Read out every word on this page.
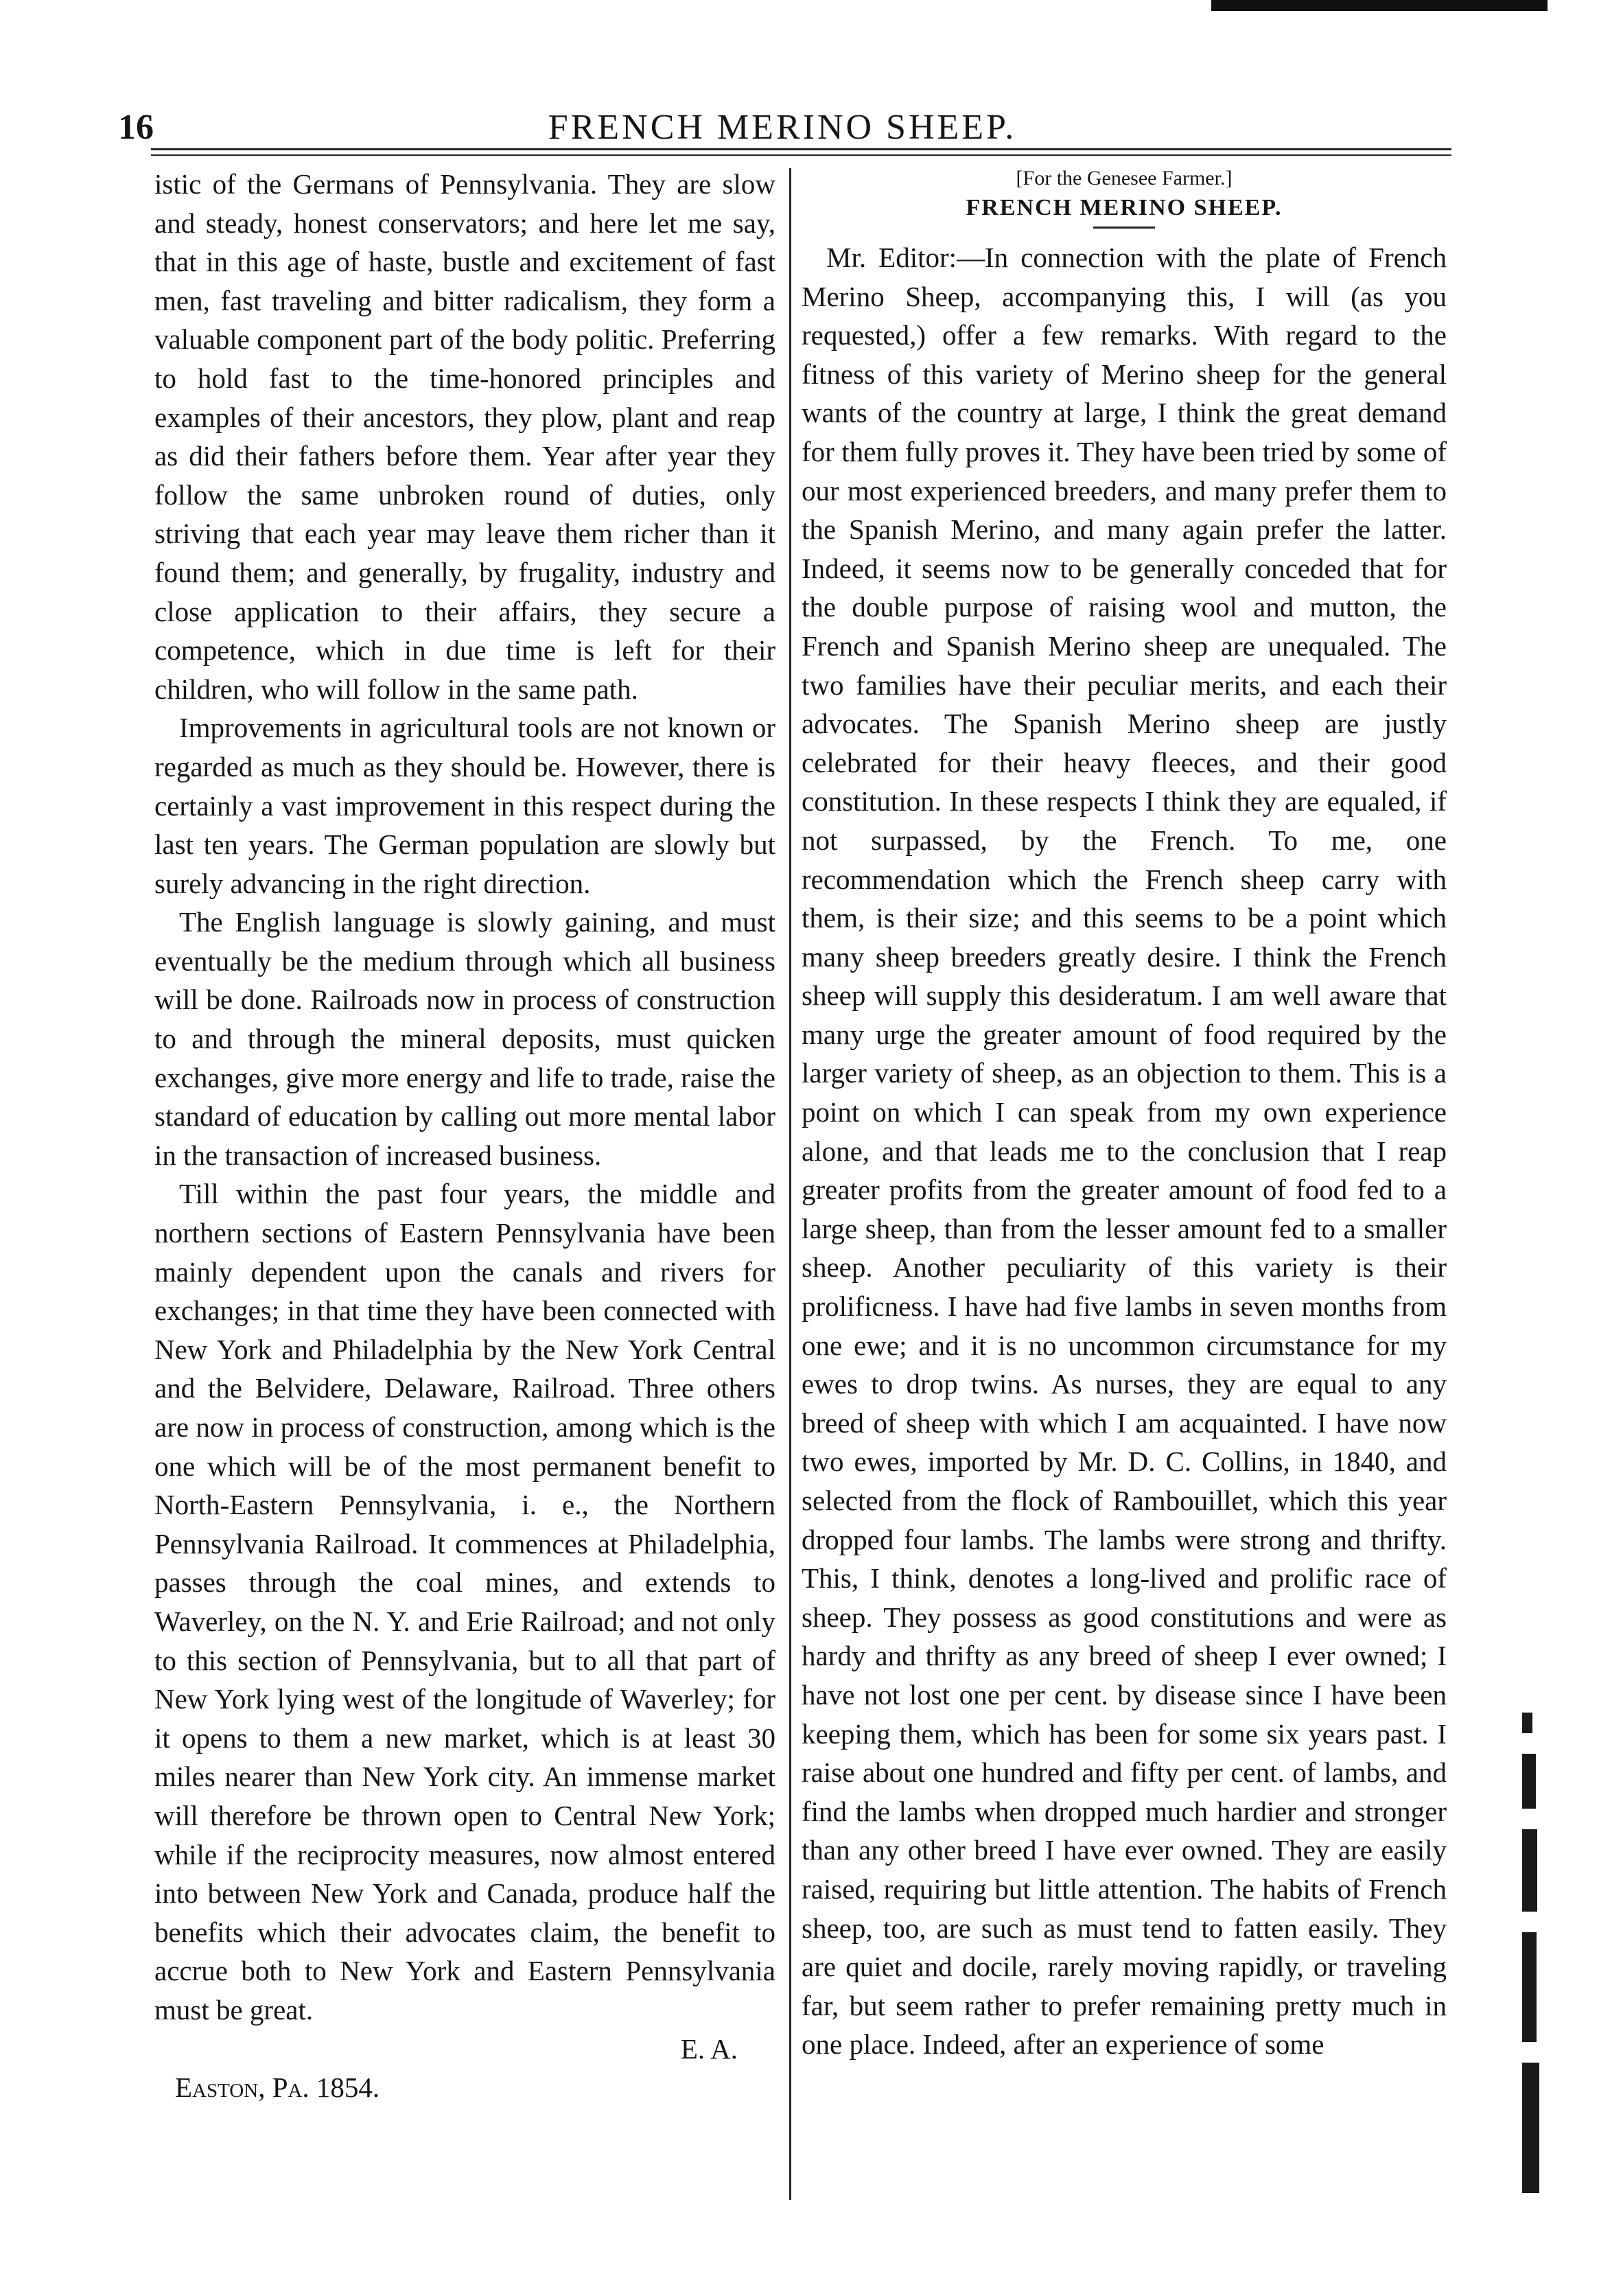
16	FRENCH MERINO SHEEP.

istic of the Germans of Pennsylvania. They are slow and steady, honest conservators; and here let me say, that in this age of haste, bustle and excitement of fast men, fast traveling and bitter radicalism, they form a valuable component part of the body politic. Preferring to hold fast to the time-honored principles and examples of their ancestors, they plow, plant and reap as did their fathers before them. Year after year they follow the same unbroken round of duties, only striving that each year may leave them richer than it found them; and generally, by frugality, industry and close application to their affairs, they secure a competence, which in due time is left for their children, who will follow in the same path.

Improvements in agricultural tools are not known or regarded as much as they should be. However, there is certainly a vast improvement in this respect during the last ten years. The German population are slowly but surely advancing in the right direction.

The English language is slowly gaining, and must eventually be the medium through which all business will be done. Railroads now in process of construction to and through the mineral deposits, must quicken exchanges, give more energy and life to trade, raise the standard of education by calling out more mental labor in the transaction of increased business.

Till within the past four years, the middle and northern sections of Eastern Pennsylvania have been mainly dependent upon the canals and rivers for exchanges; in that time they have been connected with New York and Philadelphia by the New York Central and the Belvidere, Delaware, Railroad. Three others are now in process of construction, among which is the one which will be of the most permanent benefit to North-Eastern Pennsylvania, i. e., the Northern Pennsylvania Railroad. It commences at Philadelphia, passes through the coal mines, and extends to Waverley, on the N. Y. and Erie Railroad; and not only to this section of Pennsylvania, but to all that part of New York lying west of the longitude of Waverley; for it opens to them a new market, which is at least 30 miles nearer than New York city. An immense market will therefore be thrown open to Central New York; while if the reciprocity measures, now almost entered into between New York and Canada, produce half the benefits which their advocates claim, the benefit to accrue both to New York and Eastern Pennsylvania must be great.

E. A.

Easton, Pa. 1854.

[For the Genesee Farmer.]
FRENCH MERINO SHEEP.

Mr. Editor:—In connection with the plate of French Merino Sheep, accompanying this, I will (as you requested,) offer a few remarks. With regard to the fitness of this variety of Merino sheep for the general wants of the country at large, I think the great demand for them fully proves it. They have been tried by some of our most experienced breeders, and many prefer them to the Spanish Merino, and many again prefer the latter. Indeed, it seems now to be generally conceded that for the double purpose of raising wool and mutton, the French and Spanish Merino sheep are unequaled. The two families have their peculiar merits, and each their advocates. The Spanish Merino sheep are justly celebrated for their heavy fleeces, and their good constitution. In these respects I think they are equaled, if not surpassed, by the French. To me, one recommendation which the French sheep carry with them, is their size; and this seems to be a point which many sheep breeders greatly desire. I think the French sheep will supply this desideratum. I am well aware that many urge the greater amount of food required by the larger variety of sheep, as an objection to them. This is a point on which I can speak from my own experience alone, and that leads me to the conclusion that I reap greater profits from the greater amount of food fed to a large sheep, than from the lesser amount fed to a smaller sheep. Another peculiarity of this variety is their prolificness. I have had five lambs in seven months from one ewe; and it is no uncommon circumstance for my ewes to drop twins. As nurses, they are equal to any breed of sheep with which I am acquainted. I have now two ewes, imported by Mr. D. C. Collins, in 1840, and selected from the flock of Rambouillet, which this year dropped four lambs. The lambs were strong and thrifty. This, I think, denotes a long-lived and prolific race of sheep. They possess as good constitutions and were as hardy and thrifty as any breed of sheep I ever owned; I have not lost one per cent. by disease since I have been keeping them, which has been for some six years past. I raise about one hundred and fifty per cent. of lambs, and find the lambs when dropped much hardier and stronger than any other breed I have ever owned. They are easily raised, requiring but little attention. The habits of French sheep, too, are such as must tend to fatten easily. They are quiet and docile, rarely moving rapidly, or traveling far, but seem rather to prefer remaining pretty much in one place. Indeed, after an experience of some
